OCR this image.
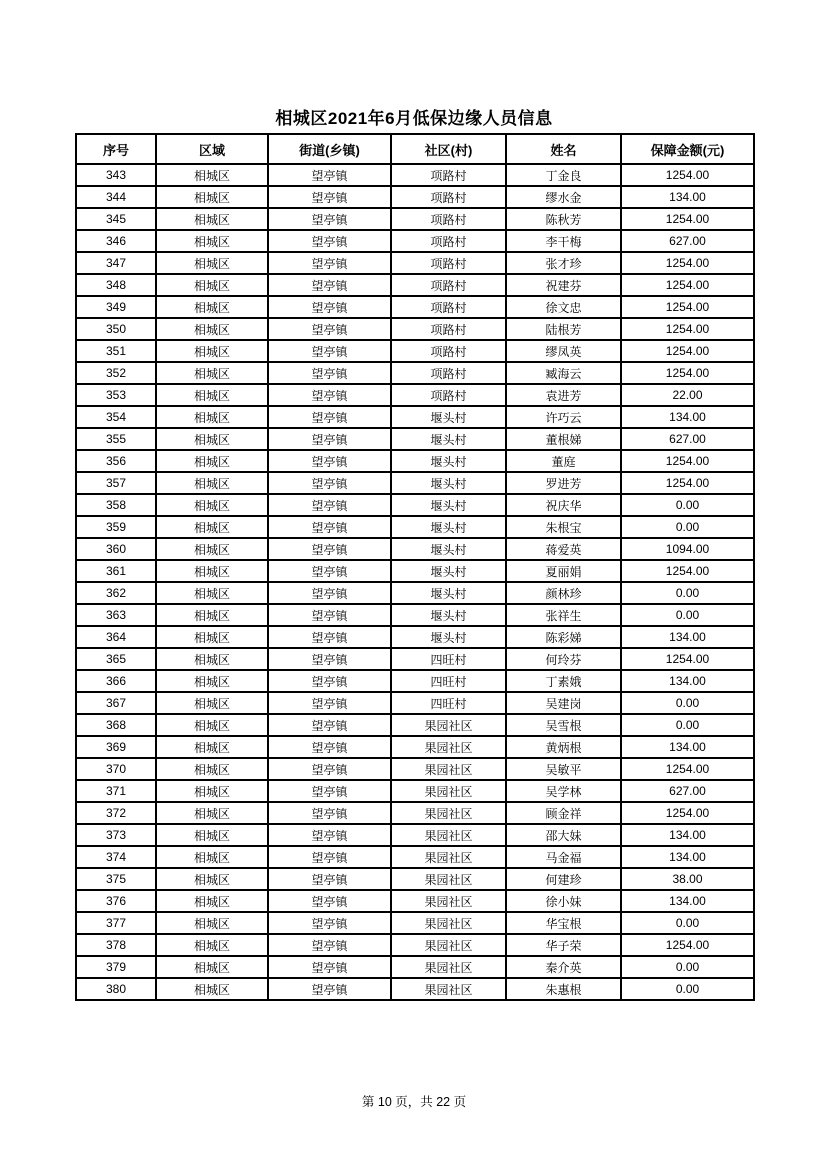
相城区2021年6月低保边缘人员信息
序号	区域	街道(乡镇)	社区(村)	姓名	保障金额(元)
343	相城区	望亭镇	项路村	丁金良	1254.00
344	相城区	望亭镇	项路村	缪水金	134.00
345	相城区	望亭镇	项路村	陈秋芳	1254.00
346	相城区	望亭镇	项路村	李干梅	627.00
347	相城区	望亭镇	项路村	张才珍	1254.00
348	相城区	望亭镇	项路村	祝建芬	1254.00
349	相城区	望亭镇	项路村	徐文忠	1254.00
350	相城区	望亭镇	项路村	陆根芳	1254.00
351	相城区	望亭镇	项路村	缪凤英	1254.00
352	相城区	望亭镇	项路村	臧海云	1254.00
353	相城区	望亭镇	项路村	袁进芳	22.00
354	相城区	望亭镇	堰头村	许巧云	134.00
355	相城区	望亭镇	堰头村	董根娣	627.00
356	相城区	望亭镇	堰头村	董庭	1254.00
357	相城区	望亭镇	堰头村	罗进芳	1254.00
358	相城区	望亭镇	堰头村	祝庆华	0.00
359	相城区	望亭镇	堰头村	朱根宝	0.00
360	相城区	望亭镇	堰头村	蒋爱英	1094.00
361	相城区	望亭镇	堰头村	夏丽娟	1254.00
362	相城区	望亭镇	堰头村	颜林珍	0.00
363	相城区	望亭镇	堰头村	张祥生	0.00
364	相城区	望亭镇	堰头村	陈彩娣	134.00
365	相城区	望亭镇	四旺村	何玲芬	1254.00
366	相城区	望亭镇	四旺村	丁素娥	134.00
367	相城区	望亭镇	四旺村	吴建岗	0.00
368	相城区	望亭镇	果园社区	吴雪根	0.00
369	相城区	望亭镇	果园社区	黄炳根	134.00
370	相城区	望亭镇	果园社区	吴敏平	1254.00
371	相城区	望亭镇	果园社区	吴学林	627.00
372	相城区	望亭镇	果园社区	顾金祥	1254.00
373	相城区	望亭镇	果园社区	邵大妹	134.00
374	相城区	望亭镇	果园社区	马金福	134.00
375	相城区	望亭镇	果园社区	何建珍	38.00
376	相城区	望亭镇	果园社区	徐小妹	134.00
377	相城区	望亭镇	果园社区	华宝根	0.00
378	相城区	望亭镇	果园社区	华子荣	1254.00
379	相城区	望亭镇	果园社区	秦介英	0.00
380	相城区	望亭镇	果园社区	朱惠根	0.00
第 10 页，共 22 页
